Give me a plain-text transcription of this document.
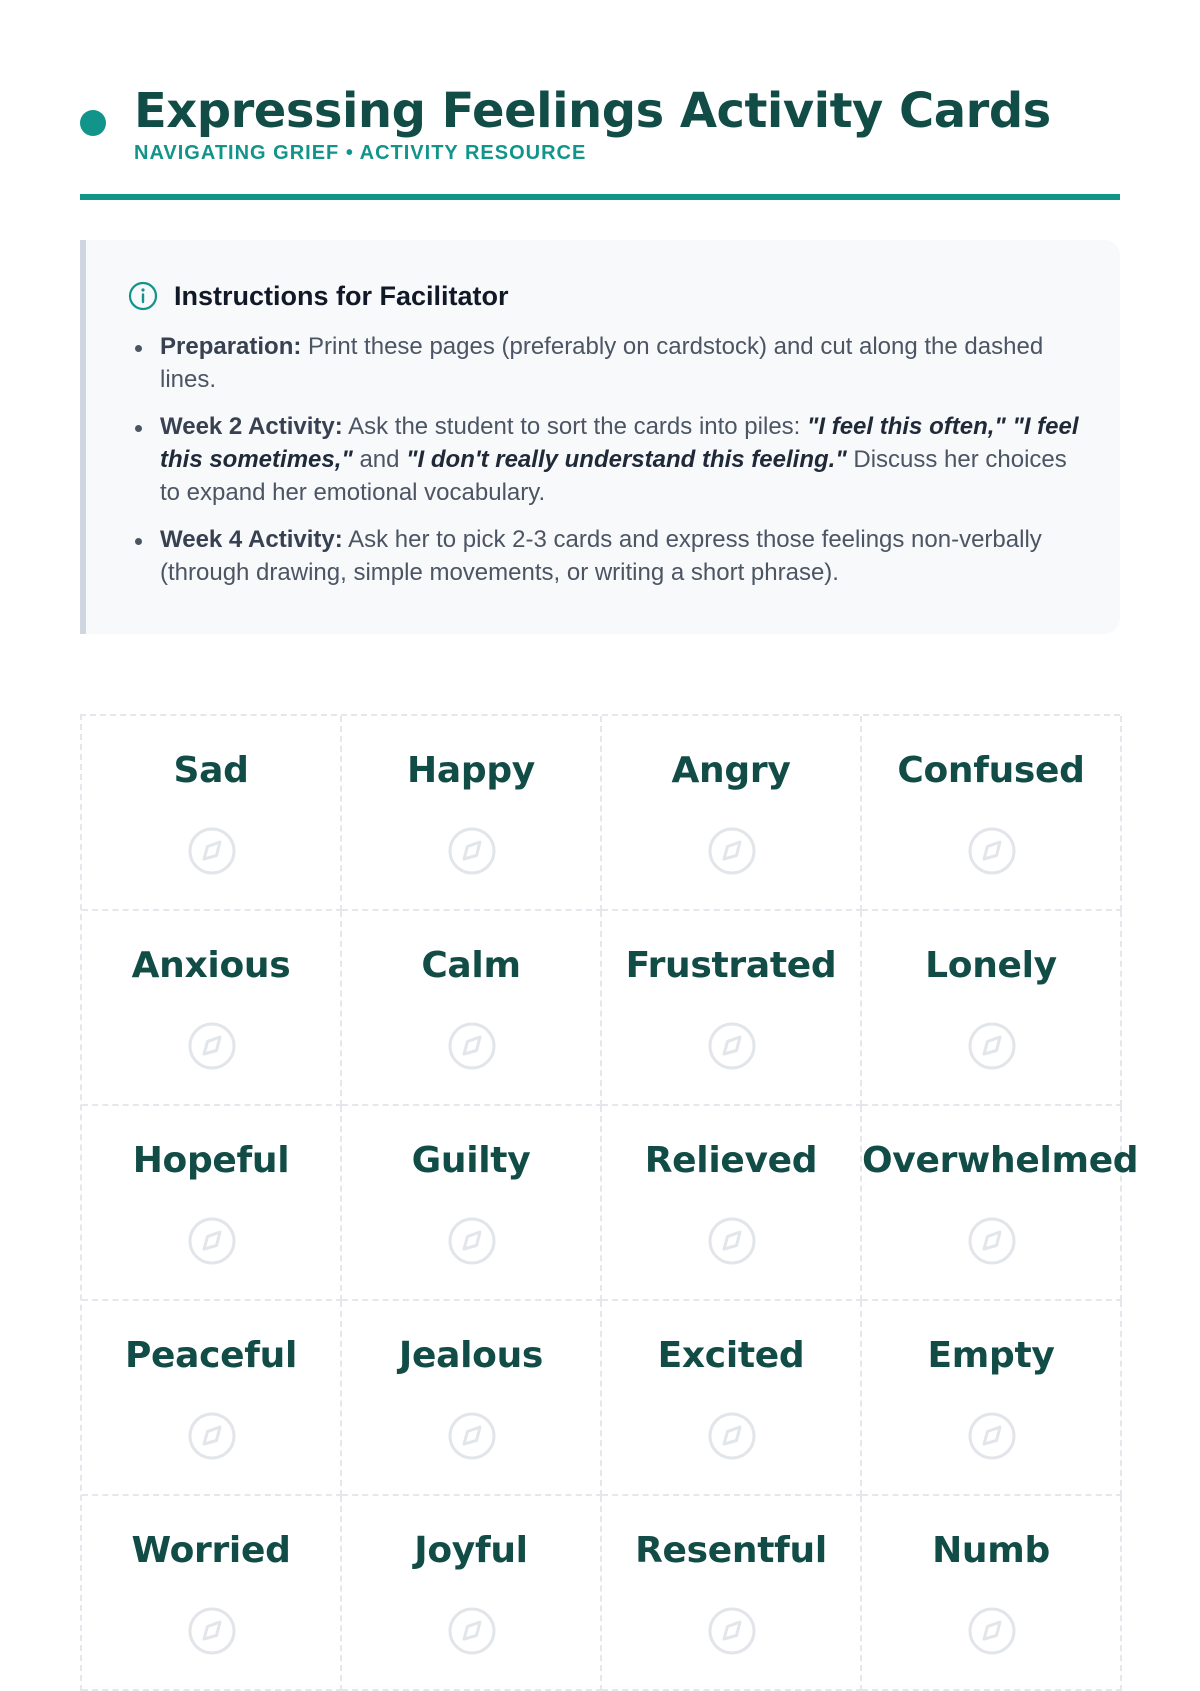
Expressing Feelings Activity Cards
NAVIGATING GRIEF • ACTIVITY RESOURCE
Instructions for Facilitator
Preparation: Print these pages (preferably on cardstock) and cut along the dashed lines.
Week 2 Activity: Ask the student to sort the cards into piles: "I feel this often," "I feel this sometimes," and "I don't really understand this feeling." Discuss her choices to expand her emotional vocabulary.
Week 4 Activity: Ask her to pick 2-3 cards and express those feelings non-verbally (through drawing, simple movements, or writing a short phrase).
Sad	Happy	Angry	Confused
Anxious	Calm	Frustrated	Lonely
Hopeful	Guilty	Relieved	Overwhelmed
Peaceful	Jealous	Excited	Empty
Worried	Joyful	Resentful	Numb
